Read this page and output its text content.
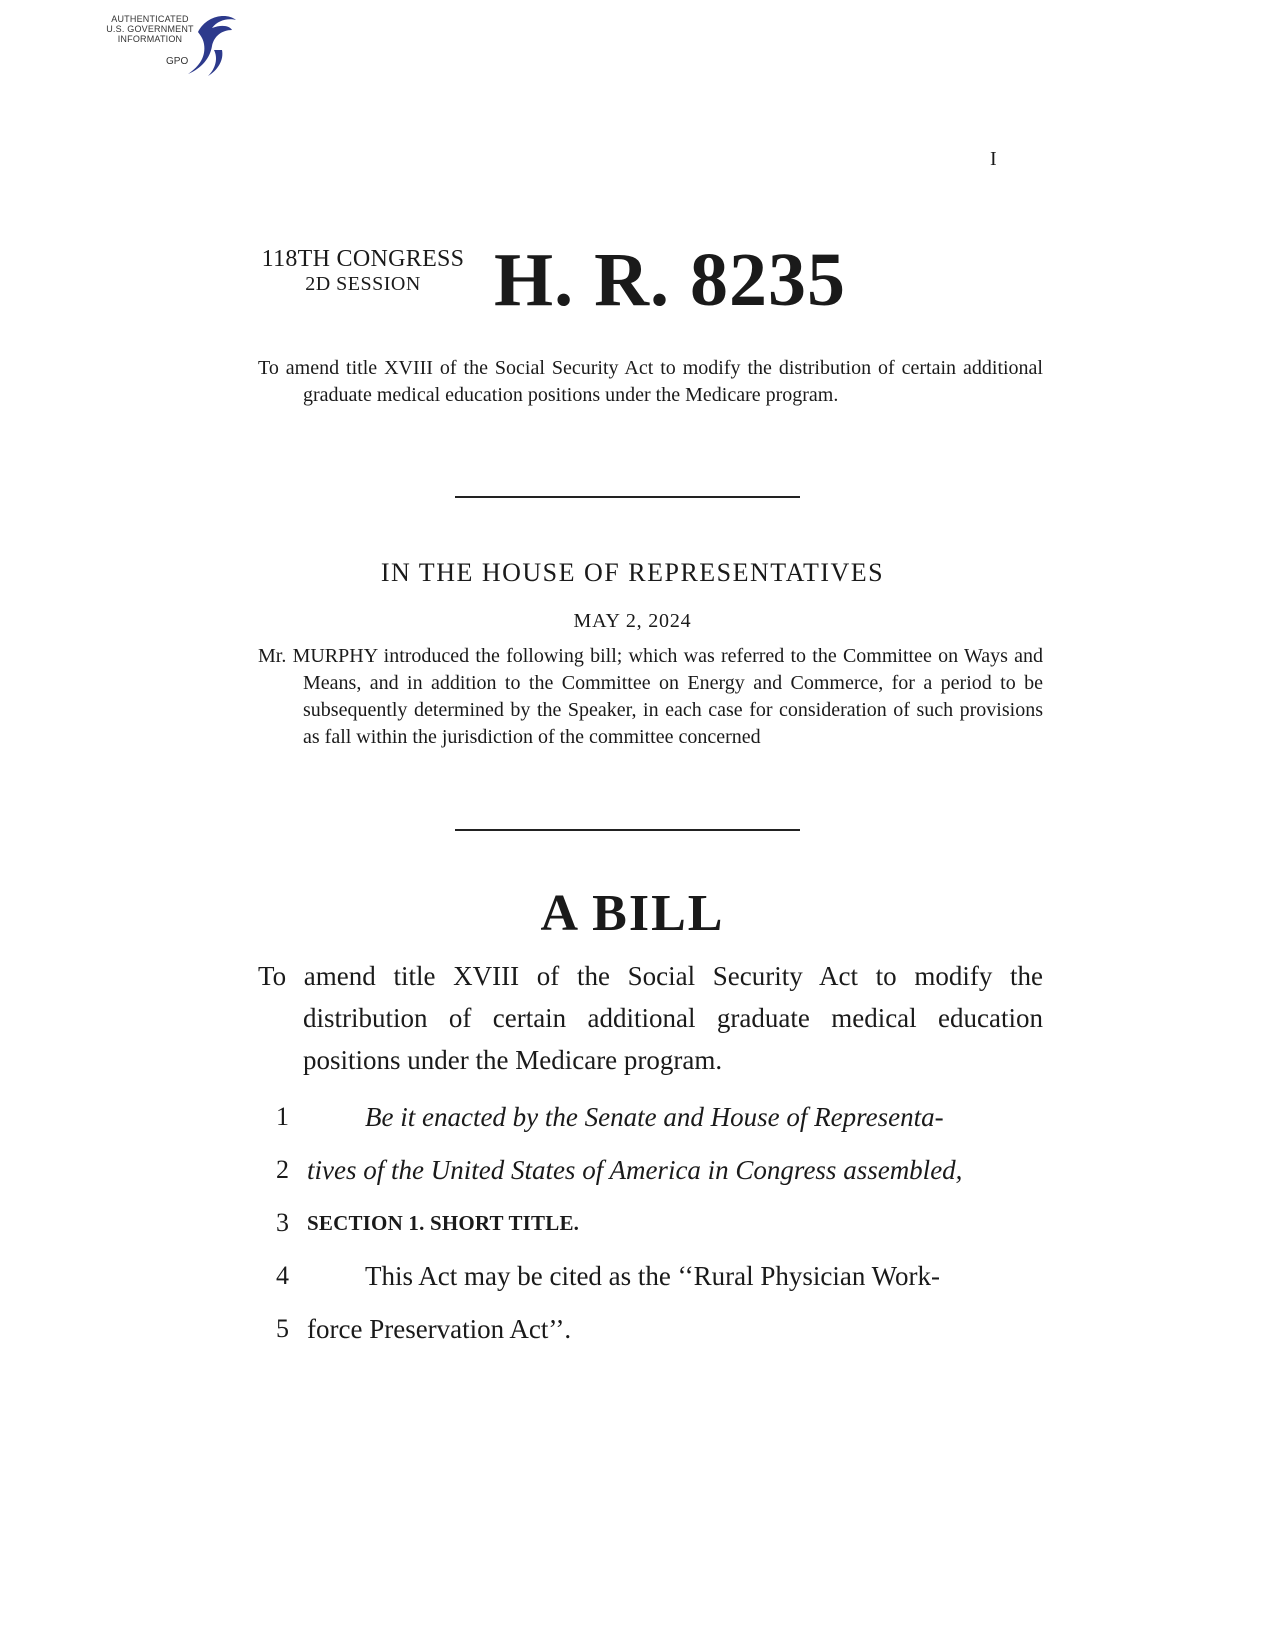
AUTHENTICATED
U.S. GOVERNMENT
INFORMATION
GPO
I
118TH CONGRESS
2D SESSION H. R. 8235
To amend title XVIII of the Social Security Act to modify the distribution of certain additional graduate medical education positions under the Medicare program.
IN THE HOUSE OF REPRESENTATIVES
MAY 2, 2024
Mr. MURPHY introduced the following bill; which was referred to the Committee on Ways and Means, and in addition to the Committee on Energy and Commerce, for a period to be subsequently determined by the Speaker, in each case for consideration of such provisions as fall within the jurisdiction of the committee concerned
A BILL
To amend title XVIII of the Social Security Act to modify the distribution of certain additional graduate medical education positions under the Medicare program.
1	Be it enacted by the Senate and House of Representa-
2 tives of the United States of America in Congress assembled,
3 SECTION 1. SHORT TITLE.
4	This Act may be cited as the ‘‘Rural Physician Work-
5 force Preservation Act’’.
